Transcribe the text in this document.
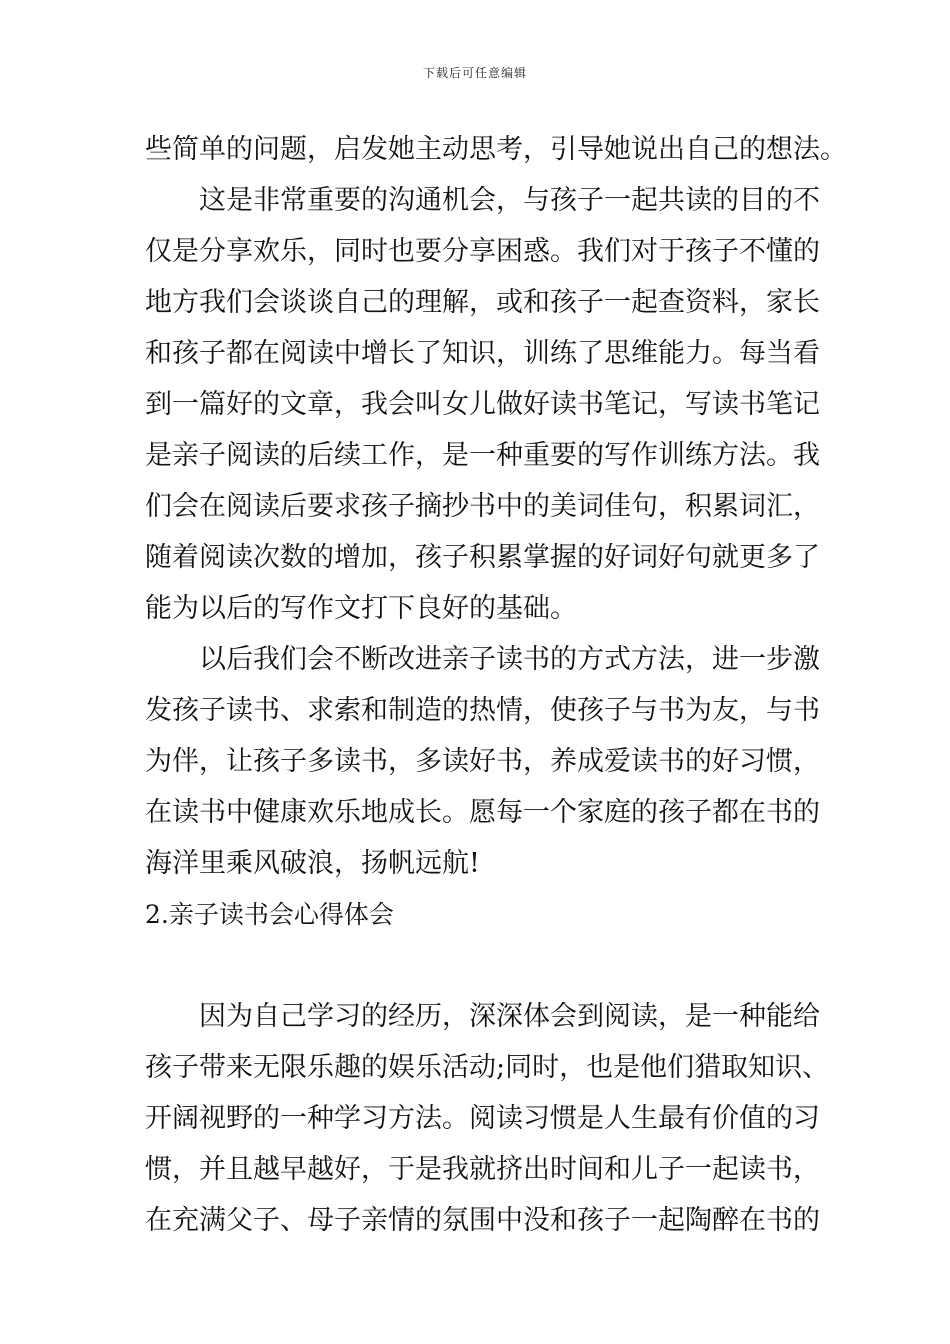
下载后可任意编辑
些简单的问题，启发她主动思考，引导她说出自己的想法。
这是非常重要的沟通机会，与孩子一起共读的目的不
仅是分享欢乐，同时也要分享困惑。我们对于孩子不懂的
地方我们会谈谈自己的理解，或和孩子一起查资料，家长
和孩子都在阅读中增长了知识，训练了思维能力。每当看
到一篇好的文章，我会叫女儿做好读书笔记，写读书笔记
是亲子阅读的后续工作，是一种重要的写作训练方法。我
们会在阅读后要求孩子摘抄书中的美词佳句，积累词汇，
随着阅读次数的增加，孩子积累掌握的好词好句就更多了
能为以后的写作文打下良好的基础。
以后我们会不断改进亲子读书的方式方法，进一步激
发孩子读书、求索和制造的热情，使孩子与书为友，与书
为伴，让孩子多读书，多读好书，养成爱读书的好习惯，
在读书中健康欢乐地成长。愿每一个家庭的孩子都在书的
海洋里乘风破浪，扬帆远航!
2.亲子读书会心得体会
因为自己学习的经历，深深体会到阅读，是一种能给
孩子带来无限乐趣的娱乐活动;同时，也是他们猎取知识、
开阔视野的一种学习方法。阅读习惯是人生最有价值的习
惯，并且越早越好，于是我就挤出时间和儿子一起读书，
在充满父子、母子亲情的氛围中没和孩子一起陶醉在书的
